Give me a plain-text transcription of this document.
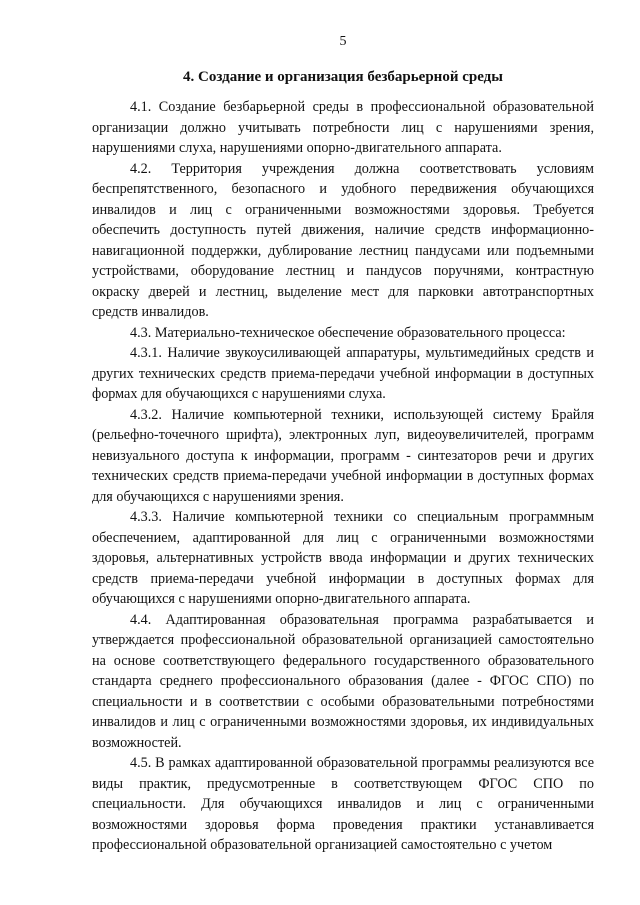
5
4. Создание и организация безбарьерной среды

4.1. Создание безбарьерной среды в профессиональной образовательной организации должно учитывать потребности лиц с нарушениями зрения, нарушениями слуха, нарушениями опорно-двигательного аппарата.

4.2. Территория учреждения должна соответствовать условиям беспрепятственного, безопасного и удобного передвижения обучающихся инвалидов и лиц с ограниченными возможностями здоровья. Требуется обеспечить доступность путей движения, наличие средств информационно-навигационной поддержки, дублирование лестниц пандусами или подъемными устройствами, оборудование лестниц и пандусов поручнями, контрастную окраску дверей и лестниц, выделение мест для парковки автотранспортных средств инвалидов.

4.3. Материально-техническое обеспечение образовательного процесса:

4.3.1. Наличие звукоусиливающей аппаратуры, мультимедийных средств и других технических средств приема-передачи учебной информации в доступных формах для обучающихся с нарушениями слуха.

4.3.2. Наличие компьютерной техники, использующей систему Брайля (рельефно-точечного шрифта), электронных луп, видеоувеличителей, программ невизуального доступа к информации, программ - синтезаторов речи и других технических средств приема-передачи учебной информации в доступных формах для обучающихся с нарушениями зрения.

4.3.3. Наличие компьютерной техники со специальным программным обеспечением, адаптированной для лиц с ограниченными возможностями здоровья, альтернативных устройств ввода информации и других технических средств приема-передачи учебной информации в доступных формах для обучающихся с нарушениями опорно-двигательного аппарата.

4.4. Адаптированная образовательная программа разрабатывается и утверждается профессиональной образовательной организацией самостоятельно на основе соответствующего федерального государственного образовательного стандарта среднего профессионального образования (далее - ФГОС СПО) по специальности и в соответствии с особыми образовательными потребностями инвалидов и лиц с ограниченными возможностями здоровья, их индивидуальных возможностей.

4.5. В рамках адаптированной образовательной программы реализуются все виды практик, предусмотренные в соответствующем ФГОС СПО по специальности. Для обучающихся инвалидов и лиц с ограниченными возможностями здоровья форма проведения практики устанавливается профессиональной образовательной организацией самостоятельно с учетом
